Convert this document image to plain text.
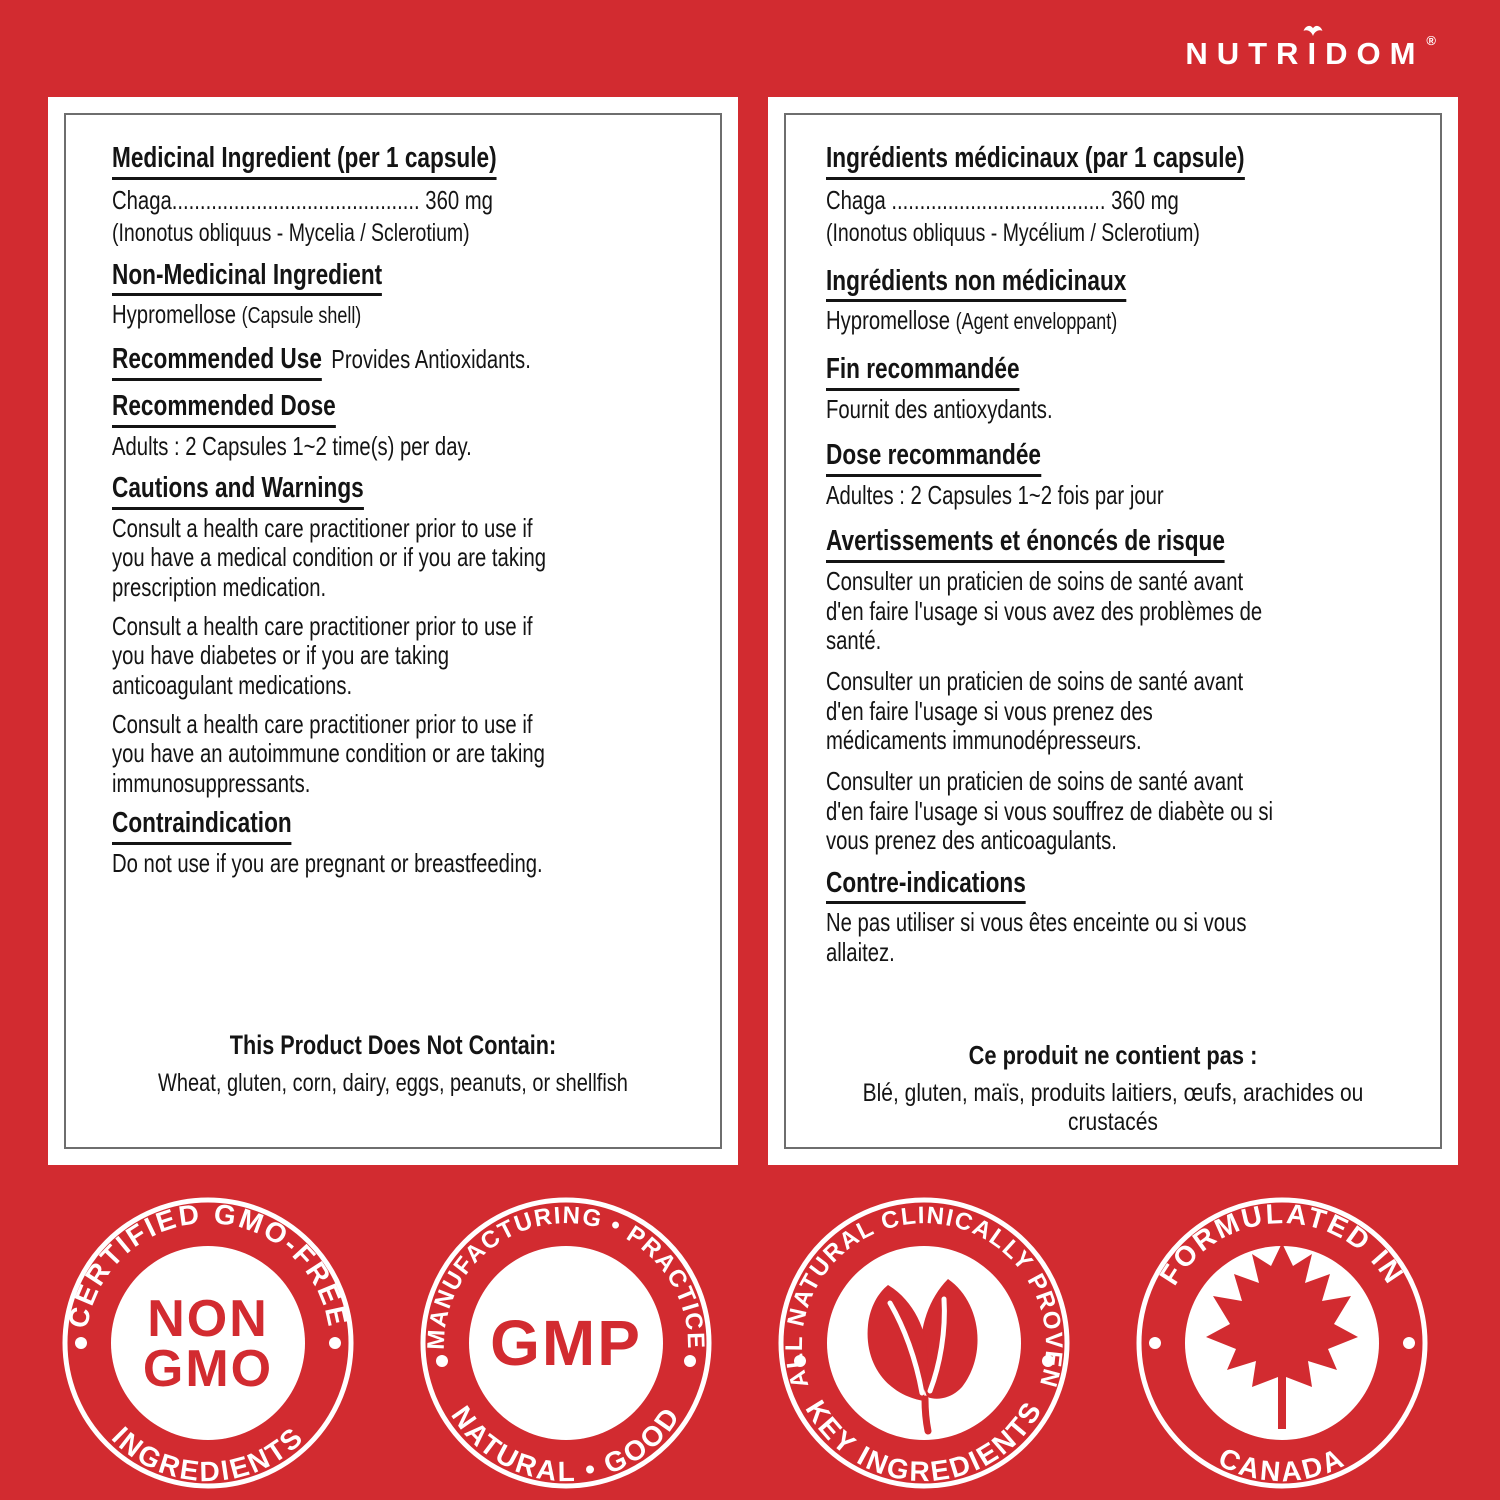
NUTR
IDOM ®
Medicinal Ingredient (per 1 capsule)
Chaga............................................ 360 mg
(Inonotus obliquus - Mycelia / Sclerotium)
Non-Medicinal Ingredient
Hypromellose (Capsule shell)
Recommended Use Provides Antioxidants.
Recommended Dose
Adults : 2 Capsules 1~2 time(s) per day.
Cautions and Warnings
Consult a health care practitioner prior to use if you have a medical condition or if you are taking prescription medication.
Consult a health care practitioner prior to use if you have diabetes or if you are taking anticoagulant medications.
Consult a health care practitioner prior to use if you have an autoimmune condition or are taking immunosuppressants.
Contraindication
Do not use if you are pregnant or breastfeeding.
This Product Does Not Contain:
Wheat, gluten, corn, dairy, eggs, peanuts, or shellfish
Ingrédients médicinaux (par 1 capsule)
Chaga ...................................... 360 mg
(Inonotus obliquus - Mycélium / Sclerotium)
Ingrédients non médicinaux
Hypromellose (Agent enveloppant)
Fin recommandée
Fournit des antioxydants.
Dose recommandée
Adultes : 2 Capsules 1~2 fois par jour
Avertissements et énoncés de risque
Consulter un praticien de soins de santé avant d'en faire l'usage si vous avez des problèmes de santé.
Consulter un praticien de soins de santé avant d'en faire l'usage si vous prenez des médicaments immunodépresseurs.
Consulter un praticien de soins de santé avant d'en faire l'usage si vous souffrez de diabète ou si vous prenez des anticoagulants.
Contre-indications
Ne pas utiliser si vous êtes enceinte ou si vous allaitez.
Ce produit ne contient pas :
Blé, gluten, maïs, produits laitiers, œufs, arachides ou crustacés
CERTIFIED GMO-FREE
INGREDIENTS
NON
GMO
MANUFACTURING • PRACTICE
NATURAL • GOOD
GMP	ALL NATURAL CLINICALLY PROVEN
KEY INGREDIENTS
FORMULATED IN
CANADA
